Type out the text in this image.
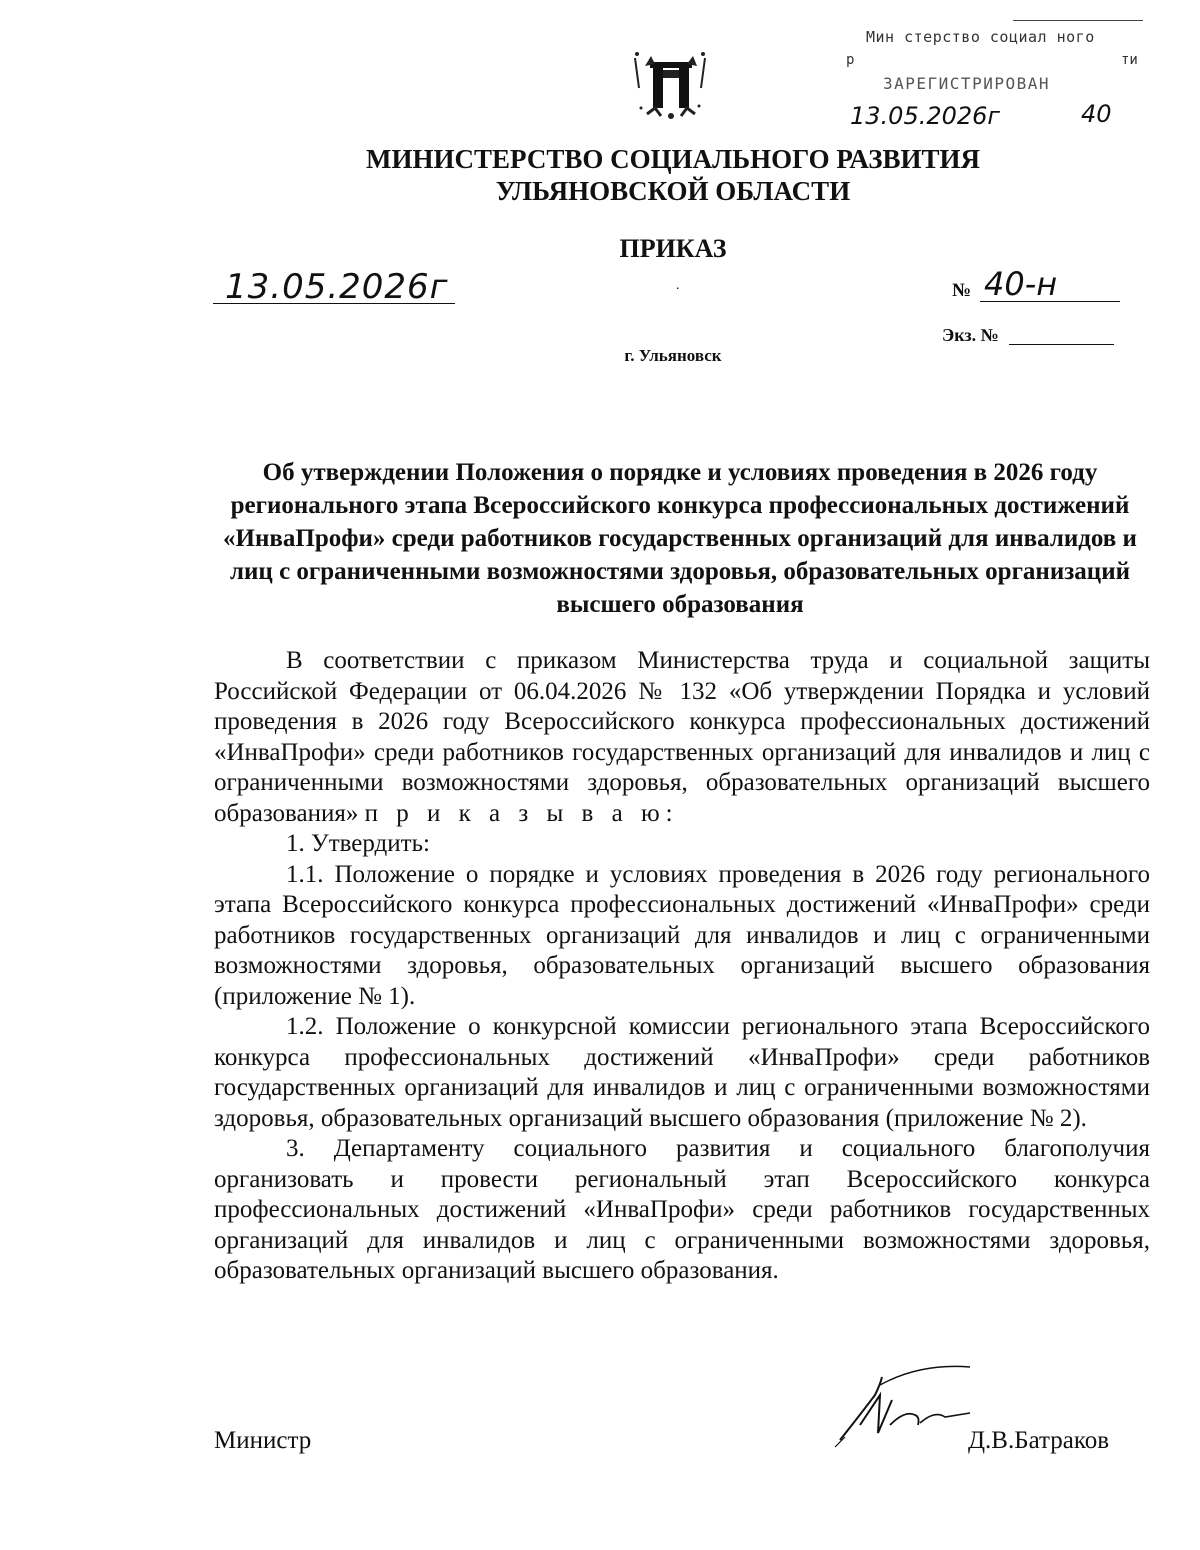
Мин стерство социал ного
р	ти
ЗАРЕГИСТРИРОВАН
13.05.2026г	40
МИНИСТЕРСТВО СОЦИАЛЬНОГО РАЗВИТИЯ
УЛЬЯНОВСКОЙ ОБЛАСТИ
ПРИКАЗ
13.05.2026г	.	№ 40-н
Экз. №
г. Ульяновск
Об утверждении Положения о порядке и условиях проведения в 2026 году регионального этапа Всероссийского конкурса профессиональных достижений «ИнваПрофи» среди работников государственных организаций для инвалидов и лиц с ограниченными возможностями здоровья, образовательных организаций высшего образования

В соответствии с приказом Министерства труда и социальной защиты Российской Федерации от 06.04.2026 № 132 «Об утверждении Порядка и условий проведения в 2026 году Всероссийского конкурса профессиональных достижений «ИнваПрофи» среди работников государственных организаций для инвалидов и лиц с ограниченными возможностями здоровья, образовательных организаций высшего образования» п р и к а з ы в а ю:

1. Утвердить:

1.1. Положение о порядке и условиях проведения в 2026 году регионального этапа Всероссийского конкурса профессиональных достижений «ИнваПрофи» среди работников государственных организаций для инвалидов и лиц с ограниченными возможностями здоровья, образовательных организаций высшего образования (приложение № 1).

1.2. Положение о конкурсной комиссии регионального этапа Всероссийского конкурса профессиональных достижений «ИнваПрофи» среди работников государственных организаций для инвалидов и лиц с ограниченными возможностями здоровья, образовательных организаций высшего образования (приложение № 2).

3. Департаменту социального развития и социального благополучия организовать и провести региональный этап Всероссийского конкурса профессиональных достижений «ИнваПрофи» среди работников государственных организаций для инвалидов и лиц с ограниченными возможностями здоровья, образовательных организаций высшего образования.

Министр	Д.В.Батраков
